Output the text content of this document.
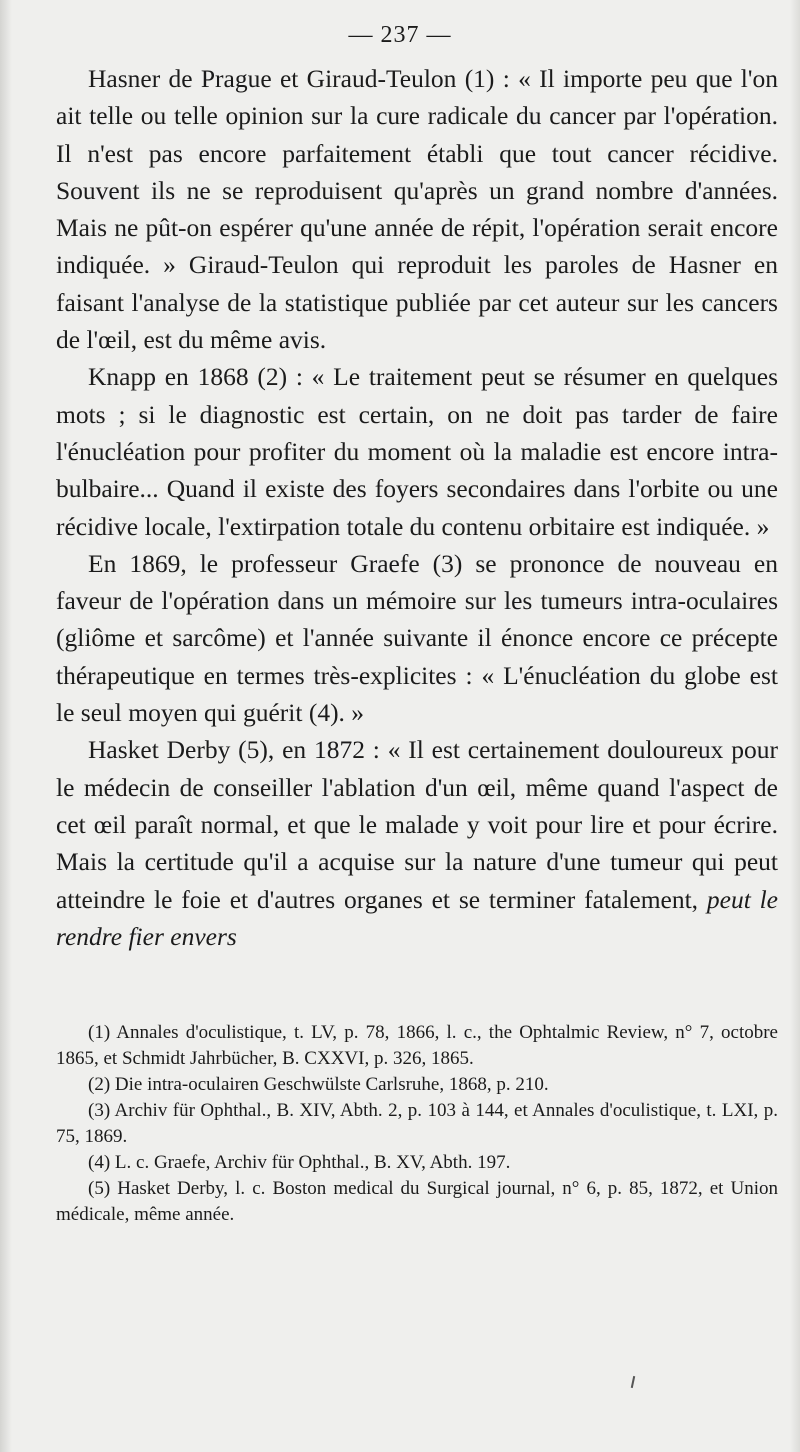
— 237 —

Hasner de Prague et Giraud-Teulon (1) : « Il importe peu que l'on ait telle ou telle opinion sur la cure radicale du cancer par l'opération. Il n'est pas encore parfaitement établi que tout cancer récidive. Souvent ils ne se reproduisent qu'après un grand nombre d'années. Mais ne pût-on espérer qu'une année de répit, l'opération serait encore indiquée. » Giraud-Teulon qui reproduit les paroles de Hasner en faisant l'analyse de la statistique publiée par cet auteur sur les cancers de l'œil, est du même avis.

Knapp en 1868 (2) : « Le traitement peut se résumer en quelques mots ; si le diagnostic est certain, on ne doit pas tarder de faire l'énucléation pour profiter du moment où la maladie est encore intra-bulbaire... Quand il existe des foyers secondaires dans l'orbite ou une récidive locale, l'extirpation totale du contenu orbitaire est indiquée. »

En 1869, le professeur Graefe (3) se prononce de nouveau en faveur de l'opération dans un mémoire sur les tumeurs intra-oculaires (gliôme et sarcôme) et l'année suivante il énonce encore ce précepte thérapeutique en termes très-explicites : « L'énucléation du globe est le seul moyen qui guérit (4). »

Hasket Derby (5), en 1872 : « Il est certainement douloureux pour le médecin de conseiller l'ablation d'un œil, même quand l'aspect de cet œil paraît normal, et que le malade y voit pour lire et pour écrire. Mais la certitude qu'il a acquise sur la nature d'une tumeur qui peut atteindre le foie et d'autres organes et se terminer fatalement, peut le rendre fier envers

(1) Annales d'oculistique, t. LV, p. 78, 1866, l. c., the Ophtalmic Review, n° 7, octobre 1865, et Schmidt Jahrbücher, B. CXXVI, p. 326, 1865.

(2) Die intra-oculairen Geschwülste Carlsruhe, 1868, p. 210.

(3) Archiv für Ophthal., B. XIV, Abth. 2, p. 103 à 144, et Annales d'oculistique, t. LXI, p. 75, 1869.

(4) L. c. Graefe, Archiv für Ophthal., B. XV, Abth. 197.

(5) Hasket Derby, l. c. Boston medical du Surgical journal, n° 6, p. 85, 1872, et Union médicale, même année.
